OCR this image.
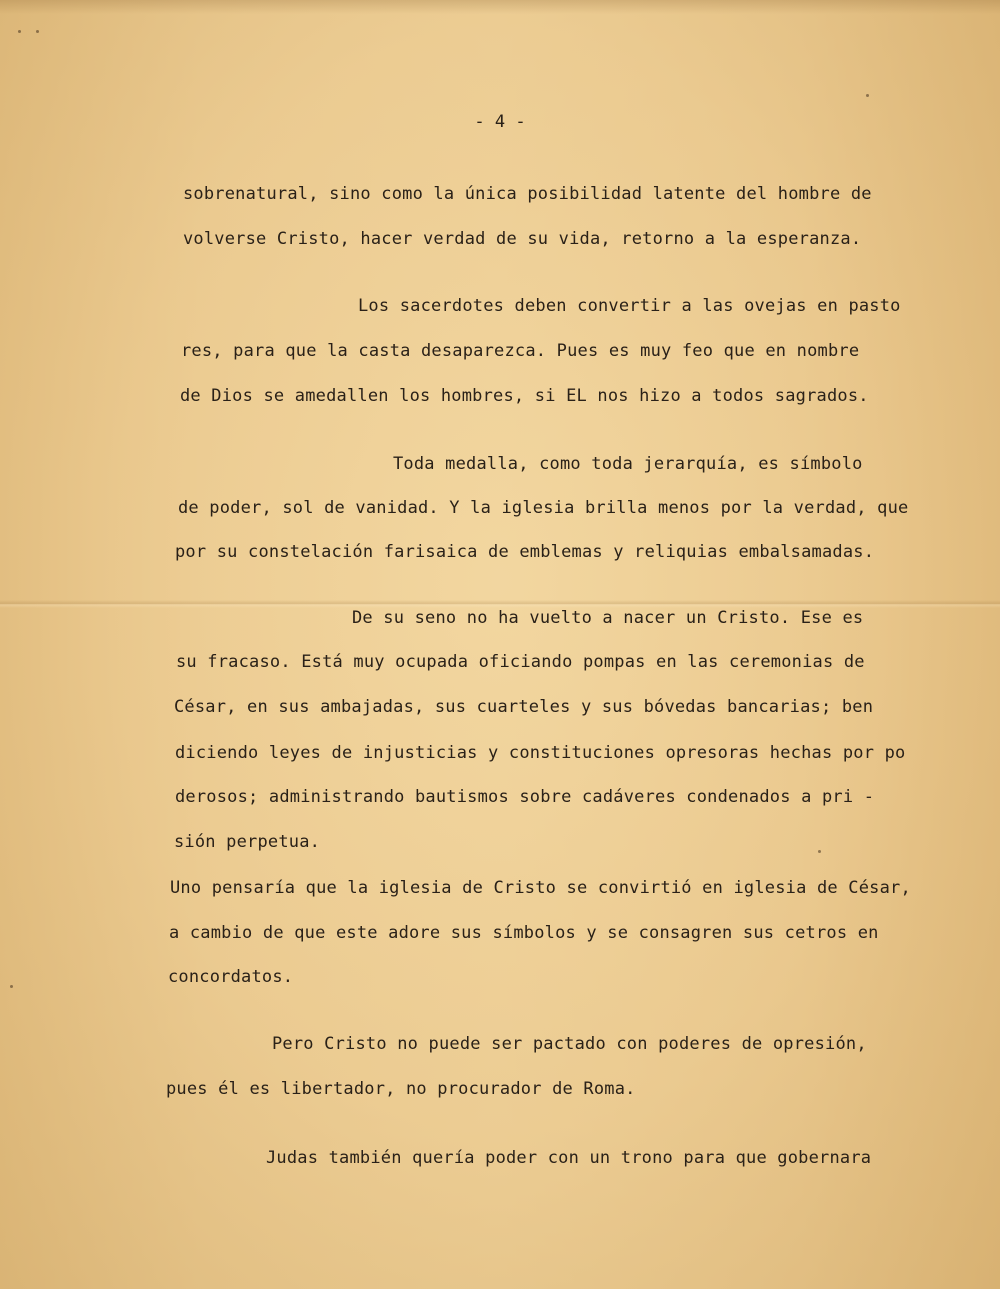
- 4 -
sobrenatural, sino como la única posibilidad latente del hombre de
volverse Cristo, hacer verdad de su vida, retorno a la esperanza.
Los sacerdotes deben convertir a las ovejas en pasto
res, para que la casta desaparezca. Pues es muy feo que en nombre
de Dios se amedallen los hombres, si EL nos hizo a todos sagrados.
Toda medalla, como toda jerarquía, es símbolo
de poder, sol de vanidad. Y la iglesia brilla menos por la verdad, que
por su constelación farisaica de emblemas y reliquias embalsamadas.
De su seno no ha vuelto a nacer un Cristo. Ese es
su fracaso. Está muy ocupada oficiando pompas en las ceremonias de
César, en sus ambajadas, sus cuarteles y sus bóvedas bancarias; ben
diciendo leyes de injusticias y constituciones opresoras hechas por po
derosos; administrando bautismos sobre cadáveres condenados a pri -
sión perpetua.
Uno pensaría que la iglesia de Cristo se convirtió en iglesia de César,
a cambio de que este adore sus símbolos y se consagren sus cetros en
concordatos.
Pero Cristo no puede ser pactado con poderes de opresión,
pues él es libertador, no procurador de Roma.
Judas también quería poder con un trono para que gobernara
